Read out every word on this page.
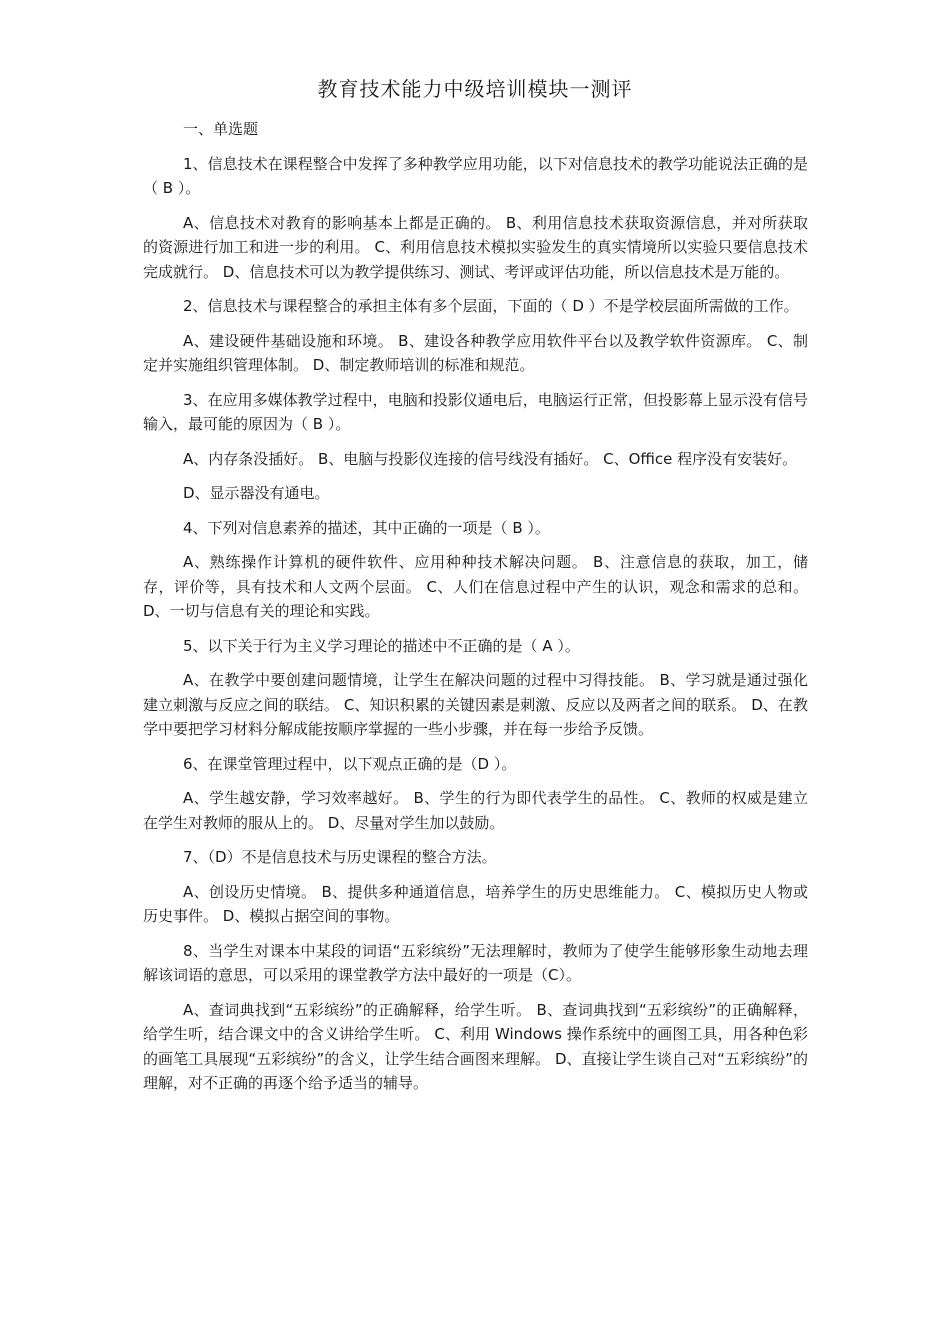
教育技术能力中级培训模块一测评

一、单选题

1、信息技术在课程整合中发挥了多种教学应用功能，以下对信息技术的教学功能说法正确的是（ B ）。

A、信息技术对教育的影响基本上都是正确的。 B、利用信息技术获取资源信息，并对所获取的资源进行加工和进一步的利用。 C、利用信息技术模拟实验发生的真实情境所以实验只要信息技术完成就行。 D、信息技术可以为教学提供练习、测试、考评或评估功能，所以信息技术是万能的。

2、信息技术与课程整合的承担主体有多个层面，下面的（ D ）不是学校层面所需做的工作。

A、建设硬件基础设施和环境。 B、建设各种教学应用软件平台以及教学软件资源库。 C、制定并实施组织管理体制。 D、制定教师培训的标准和规范。

3、在应用多媒体教学过程中，电脑和投影仪通电后，电脑运行正常，但投影幕上显示没有信号输入，最可能的原因为（ B ）。

A、内存条没插好。 B、电脑与投影仪连接的信号线没有插好。 C、Office 程序没有安装好。

D、显示器没有通电。

4、下列对信息素养的描述，其中正确的一项是（ B ）。

A、熟练操作计算机的硬件软件、应用种种技术解决问题。 B、注意信息的获取，加工，储存，评价等，具有技术和人文两个层面。 C、人们在信息过程中产生的认识，观念和需求的总和。 D、一切与信息有关的理论和实践。

5、以下关于行为主义学习理论的描述中不正确的是（ A ）。

A、在教学中要创建问题情境，让学生在解决问题的过程中习得技能。 B、学习就是通过强化建立刺激与反应之间的联结。 C、知识积累的关键因素是刺激、反应以及两者之间的联系。 D、在教学中要把学习材料分解成能按顺序掌握的一些小步骤，并在每一步给予反馈。

6、在课堂管理过程中，以下观点正确的是（D ）。

A、学生越安静，学习效率越好。 B、学生的行为即代表学生的品性。 C、教师的权威是建立在学生对教师的服从上的。 D、尽量对学生加以鼓励。

7、（D）不是信息技术与历史课程的整合方法。

A、创设历史情境。 B、提供多种通道信息，培养学生的历史思维能力。 C、模拟历史人物或历史事件。 D、模拟占据空间的事物。

8、当学生对课本中某段的词语“五彩缤纷”无法理解时，教师为了使学生能够形象生动地去理解该词语的意思，可以采用的课堂教学方法中最好的一项是（C）。

A、查词典找到“五彩缤纷”的正确解释，给学生听。 B、查词典找到“五彩缤纷”的正确解释，给学生听，结合课文中的含义讲给学生听。 C、利用 Windows 操作系统中的画图工具，用各种色彩的画笔工具展现“五彩缤纷”的含义，让学生结合画图来理解。 D、直接让学生谈自己对“五彩缤纷”的理解，对不正确的再逐个给予适当的辅导。
